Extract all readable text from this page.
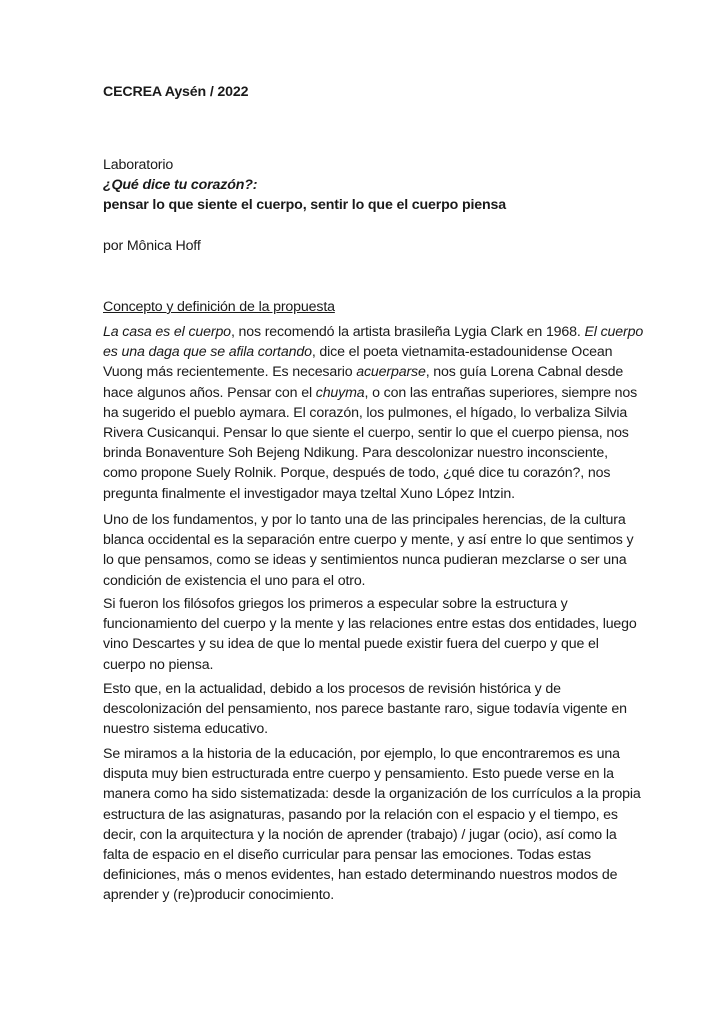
CECREA Aysén / 2022
Laboratorio
¿Qué dice tu corazón?:
pensar lo que siente el cuerpo, sentir lo que el cuerpo piensa
por Mônica Hoff
Concepto y definición de la propuesta
La casa es el cuerpo, nos recomendó la artista brasileña Lygia Clark en 1968. El cuerpo
es una daga que se afila cortando, dice el poeta vietnamita-estadounidense Ocean
Vuong más recientemente. Es necesario acuerparse, nos guía Lorena Cabnal desde
hace algunos años. Pensar con el chuyma, o con las entrañas superiores, siempre nos
ha sugerido el pueblo aymara. El corazón, los pulmones, el hígado, lo verbaliza Silvia
Rivera Cusicanqui. Pensar lo que siente el cuerpo, sentir lo que el cuerpo piensa, nos
brinda Bonaventure Soh Bejeng Ndikung. Para descolonizar nuestro inconsciente,
como propone Suely Rolnik. Porque, después de todo, ¿qué dice tu corazón?, nos
pregunta finalmente el investigador maya tzeltal Xuno López Intzin.
Uno de los fundamentos, y por lo tanto una de las principales herencias, de la cultura
blanca occidental es la separación entre cuerpo y mente, y así entre lo que sentimos y
lo que pensamos, como se ideas y sentimientos nunca pudieran mezclarse o ser una
condición de existencia el uno para el otro.
Si fueron los filósofos griegos los primeros a especular sobre la estructura y
funcionamiento del cuerpo y la mente y las relaciones entre estas dos entidades, luego
vino Descartes y su idea de que lo mental puede existir fuera del cuerpo y que el
cuerpo no piensa.
Esto que, en la actualidad, debido a los procesos de revisión histórica y de
descolonización del pensamiento, nos parece bastante raro, sigue todavía vigente en
nuestro sistema educativo.
Se miramos a la historia de la educación, por ejemplo, lo que encontraremos es una
disputa muy bien estructurada entre cuerpo y pensamiento. Esto puede verse en la
manera como ha sido sistematizada: desde la organización de los currículos a la propia
estructura de las asignaturas, pasando por la relación con el espacio y el tiempo, es
decir, con la arquitectura y la noción de aprender (trabajo) / jugar (ocio), así como la
falta de espacio en el diseño curricular para pensar las emociones. Todas estas
definiciones, más o menos evidentes, han estado determinando nuestros modos de
aprender y (re)producir conocimiento.
